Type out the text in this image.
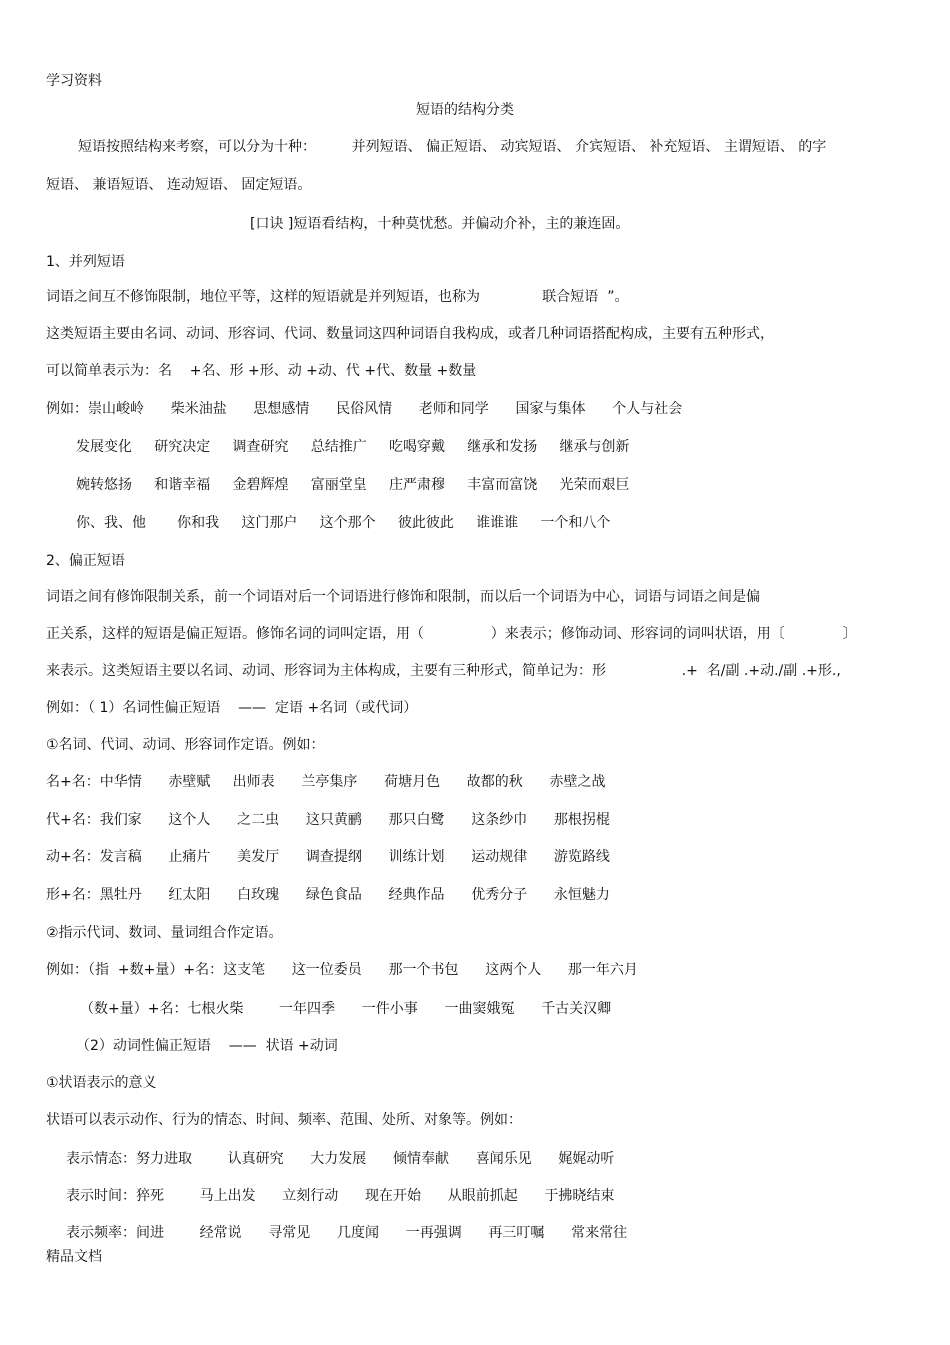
学习资料
短语的结构分类
短语按照结构来考察，可以分为十种：        并列短语、 偏正短语、 动宾短语、 介宾短语、 补充短语、 主谓短语、 的字
短语、 兼语短语、 连动短语、 固定短语。
[口诀 ]短语看结构，十种莫忧愁。并偏动介补，主的兼连固。
1、并列短语
词语之间互不修饰限制，地位平等，这样的短语就是并列短语，也称为              联合短语  ”。
这类短语主要由名词、动词、形容词、代词、数量词这四种词语自我构成，或者几种词语搭配构成，主要有五种形式，
可以简单表示为：名    +名、形 +形、动 +动、代 +代、数量 +数量
例如：崇山峻岭      柴米油盐      思想感情      民俗风情      老师和同学      国家与集体      个人与社会
发展变化     研究决定     调查研究     总结推广     吃喝穿戴     继承和发扬     继承与创新
婉转悠扬     和谐幸福     金碧辉煌     富丽堂皇     庄严肃穆     丰富而富饶     光荣而艰巨
你、我、他       你和我     这门那户     这个那个     彼此彼此     谁谁谁     一个和八个
2、偏正短语
词语之间有修饰限制关系，前一个词语对后一个词语进行修饰和限制，而以后一个词语为中心，词语与词语之间是偏
正关系，这样的短语是偏正短语。修饰名词的词叫定语，用（               ）来表示；修饰动词、形容词的词叫状语，用〔             〕
来表示。这类短语主要以名词、动词、形容词为主体构成，主要有三种形式，简单记为：形                 .+  名/副 .+动./副 .+形.,
例如：（ 1）名词性偏正短语    ——  定语 +名词（或代词）
①名词、代词、动词、形容词作定语。例如：
名+名：中华情      赤壁赋     出师表      兰亭集序      荷塘月色      故都的秋      赤壁之战
代+名：我们家      这个人      之二虫      这只黄鹂      那只白鹭      这条纱巾      那根拐棍
动+名：发言稿      止痛片      美发厅      调查提纲      训练计划      运动规律      游览路线
形+名：黑牡丹      红太阳      白玫瑰      绿色食品      经典作品      优秀分子      永恒魅力
②指示代词、数词、量词组合作定语。
例如：（指  +数+量）+名：这支笔      这一位委员      那一个书包      这两个人      那一年六月
（数+量）+名：七根火柴        一年四季      一件小事      一曲窦娥冤      千古关汉卿
（2）动词性偏正短语    ——  状语 +动词
①状语表示的意义
状语可以表示动作、行为的情态、时间、频率、范围、处所、对象等。例如：
表示情态：努力进取        认真研究      大力发展      倾情奉献      喜闻乐见      娓娓动听
表示时间：猝死        马上出发      立刻行动      现在开始      从眼前抓起      于拂晓结束
表示频率：间进        经常说      寻常见      几度闻      一再强调      再三叮嘱      常来常往
精品文档
